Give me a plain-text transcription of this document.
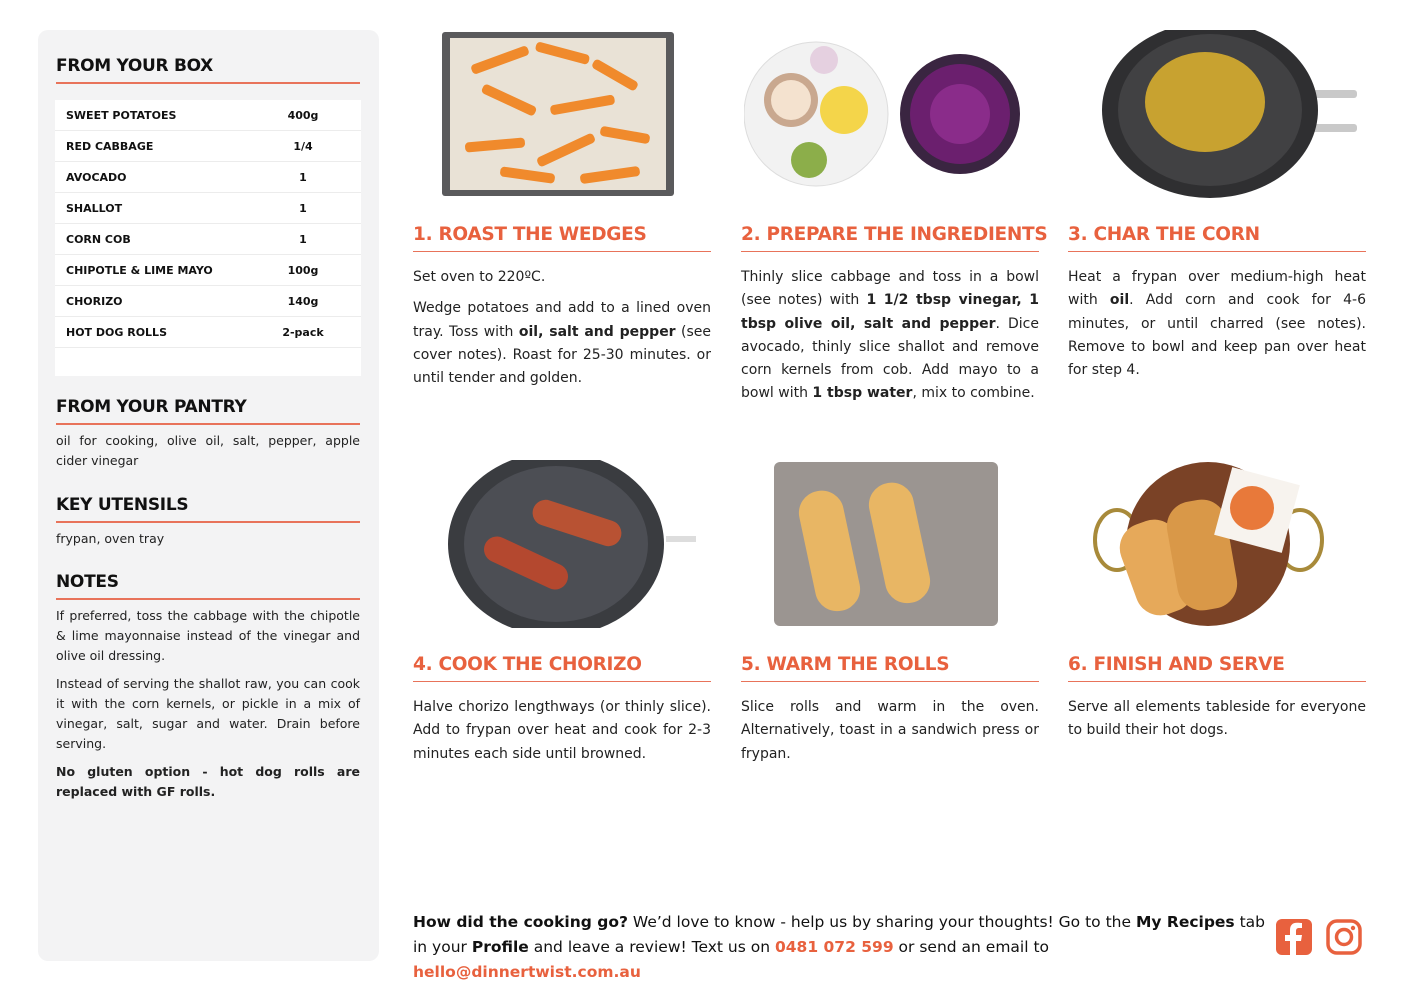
FROM YOUR BOX
SWEET POTATOES	400g
RED CABBAGE	1/4
AVOCADO	1
SHALLOT	1
CORN COB	1
CHIPOTLE & LIME MAYO	100g
CHORIZO	140g
HOT DOG ROLLS	2-pack
FROM YOUR PANTRY

oil for cooking, olive oil, salt, pepper, apple cider vinegar

KEY UTENSILS

frypan, oven tray

NOTES

If preferred, toss the cabbage with the chipotle & lime mayonnaise instead of the vinegar and olive oil dressing.

Instead of serving the shallot raw, you can cook it with the corn kernels, or pickle in a mix of vinegar, salt, sugar and water. Drain before serving.

No gluten option - hot dog rolls are replaced with GF rolls.

1. ROAST THE WEDGES	2. PREPARE THE INGREDIENTS 3. CHAR THE CORN
4. COOK THE CHORIZO	5. WARM THE ROLLS	6. FINISH AND SERVE

Set oven to 220ºC.

Wedge potatoes and add to a lined oven tray. Toss with oil, salt and pepper (see cover notes). Roast for 25-30 minutes. or until tender and golden.

Thinly slice cabbage and toss in a bowl (see notes) with 1 1/2 tbsp vinegar, 1 tbsp olive oil, salt and pepper. Dice avocado, thinly slice shallot and remove corn kernels from cob. Add mayo to a bowl with 1 tbsp water, mix to combine.

Heat a frypan over medium-high heat with oil. Add corn and cook for 4-6 minutes, or until charred (see notes). Remove to bowl and keep pan over heat for step 4.

Halve chorizo lengthways (or thinly slice). Add to frypan over heat and cook for 2-3 minutes each side until browned.

Slice rolls and warm in the oven. Alternatively, toast in a sandwich press or frypan.

Serve all elements tableside for everyone to build their hot dogs.

How did the cooking go? We’d love to know - help us by sharing your thoughts! Go to the My Recipes tab in your Profile and leave a review! Text us on 0481 072 599 or send an email to hello@dinnertwist.com.au
